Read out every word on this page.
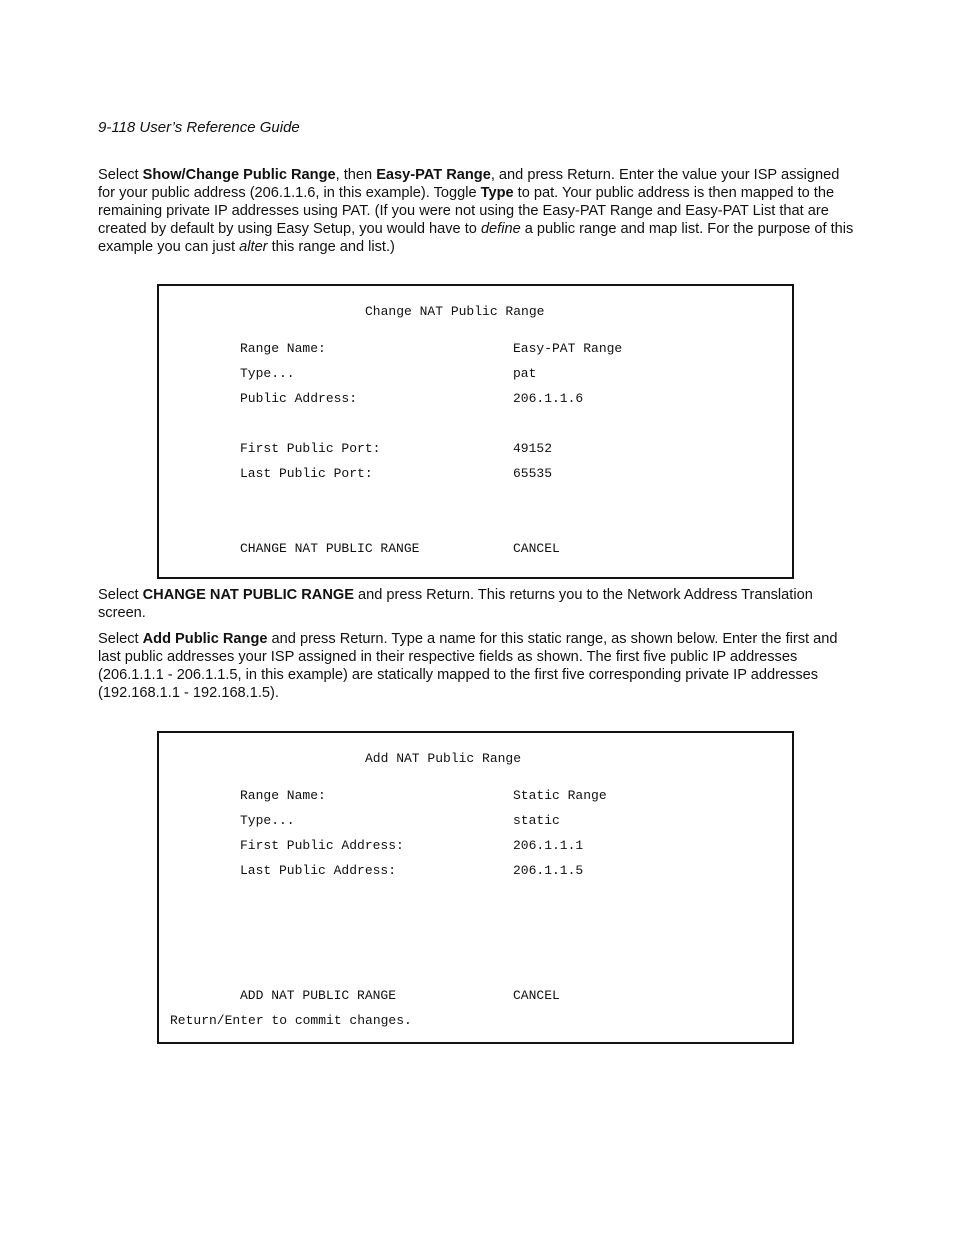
9-118 User’s Reference Guide

Select Show/Change Public Range, then Easy-PAT Range, and press Return. Enter the value your ISP assigned for your public address (206.1.1.6, in this example). Toggle Type to pat. Your public address is then mapped to the remaining private IP addresses using PAT. (If you were not using the Easy-PAT Range and Easy-PAT List that are created by default by using Easy Setup, you would have to define a public range and map list. For the purpose of this example you can just alter this range and list.)

Change NAT Public Range
Range Name:	Easy-PAT Range
Type...	pat
Public Address:	206.1.1.6
First Public Port:	49152
Last Public Port:	65535
CHANGE NAT PUBLIC RANGE	CANCEL

Select CHANGE NAT PUBLIC RANGE and press Return. This returns you to the Network Address Translation screen.

Select Add Public Range and press Return. Type a name for this static range, as shown below. Enter the first and last public addresses your ISP assigned in their respective fields as shown. The first five public IP addresses (206.1.1.1 - 206.1.1.5, in this example) are statically mapped to the first five corresponding private IP addresses (192.168.1.1 - 192.168.1.5).

Add NAT Public Range
Range Name:	Static Range
Type...	static
First Public Address:	206.1.1.1
Last Public Address:	206.1.1.5
ADD NAT PUBLIC RANGE	CANCEL
Return/Enter to commit changes.
